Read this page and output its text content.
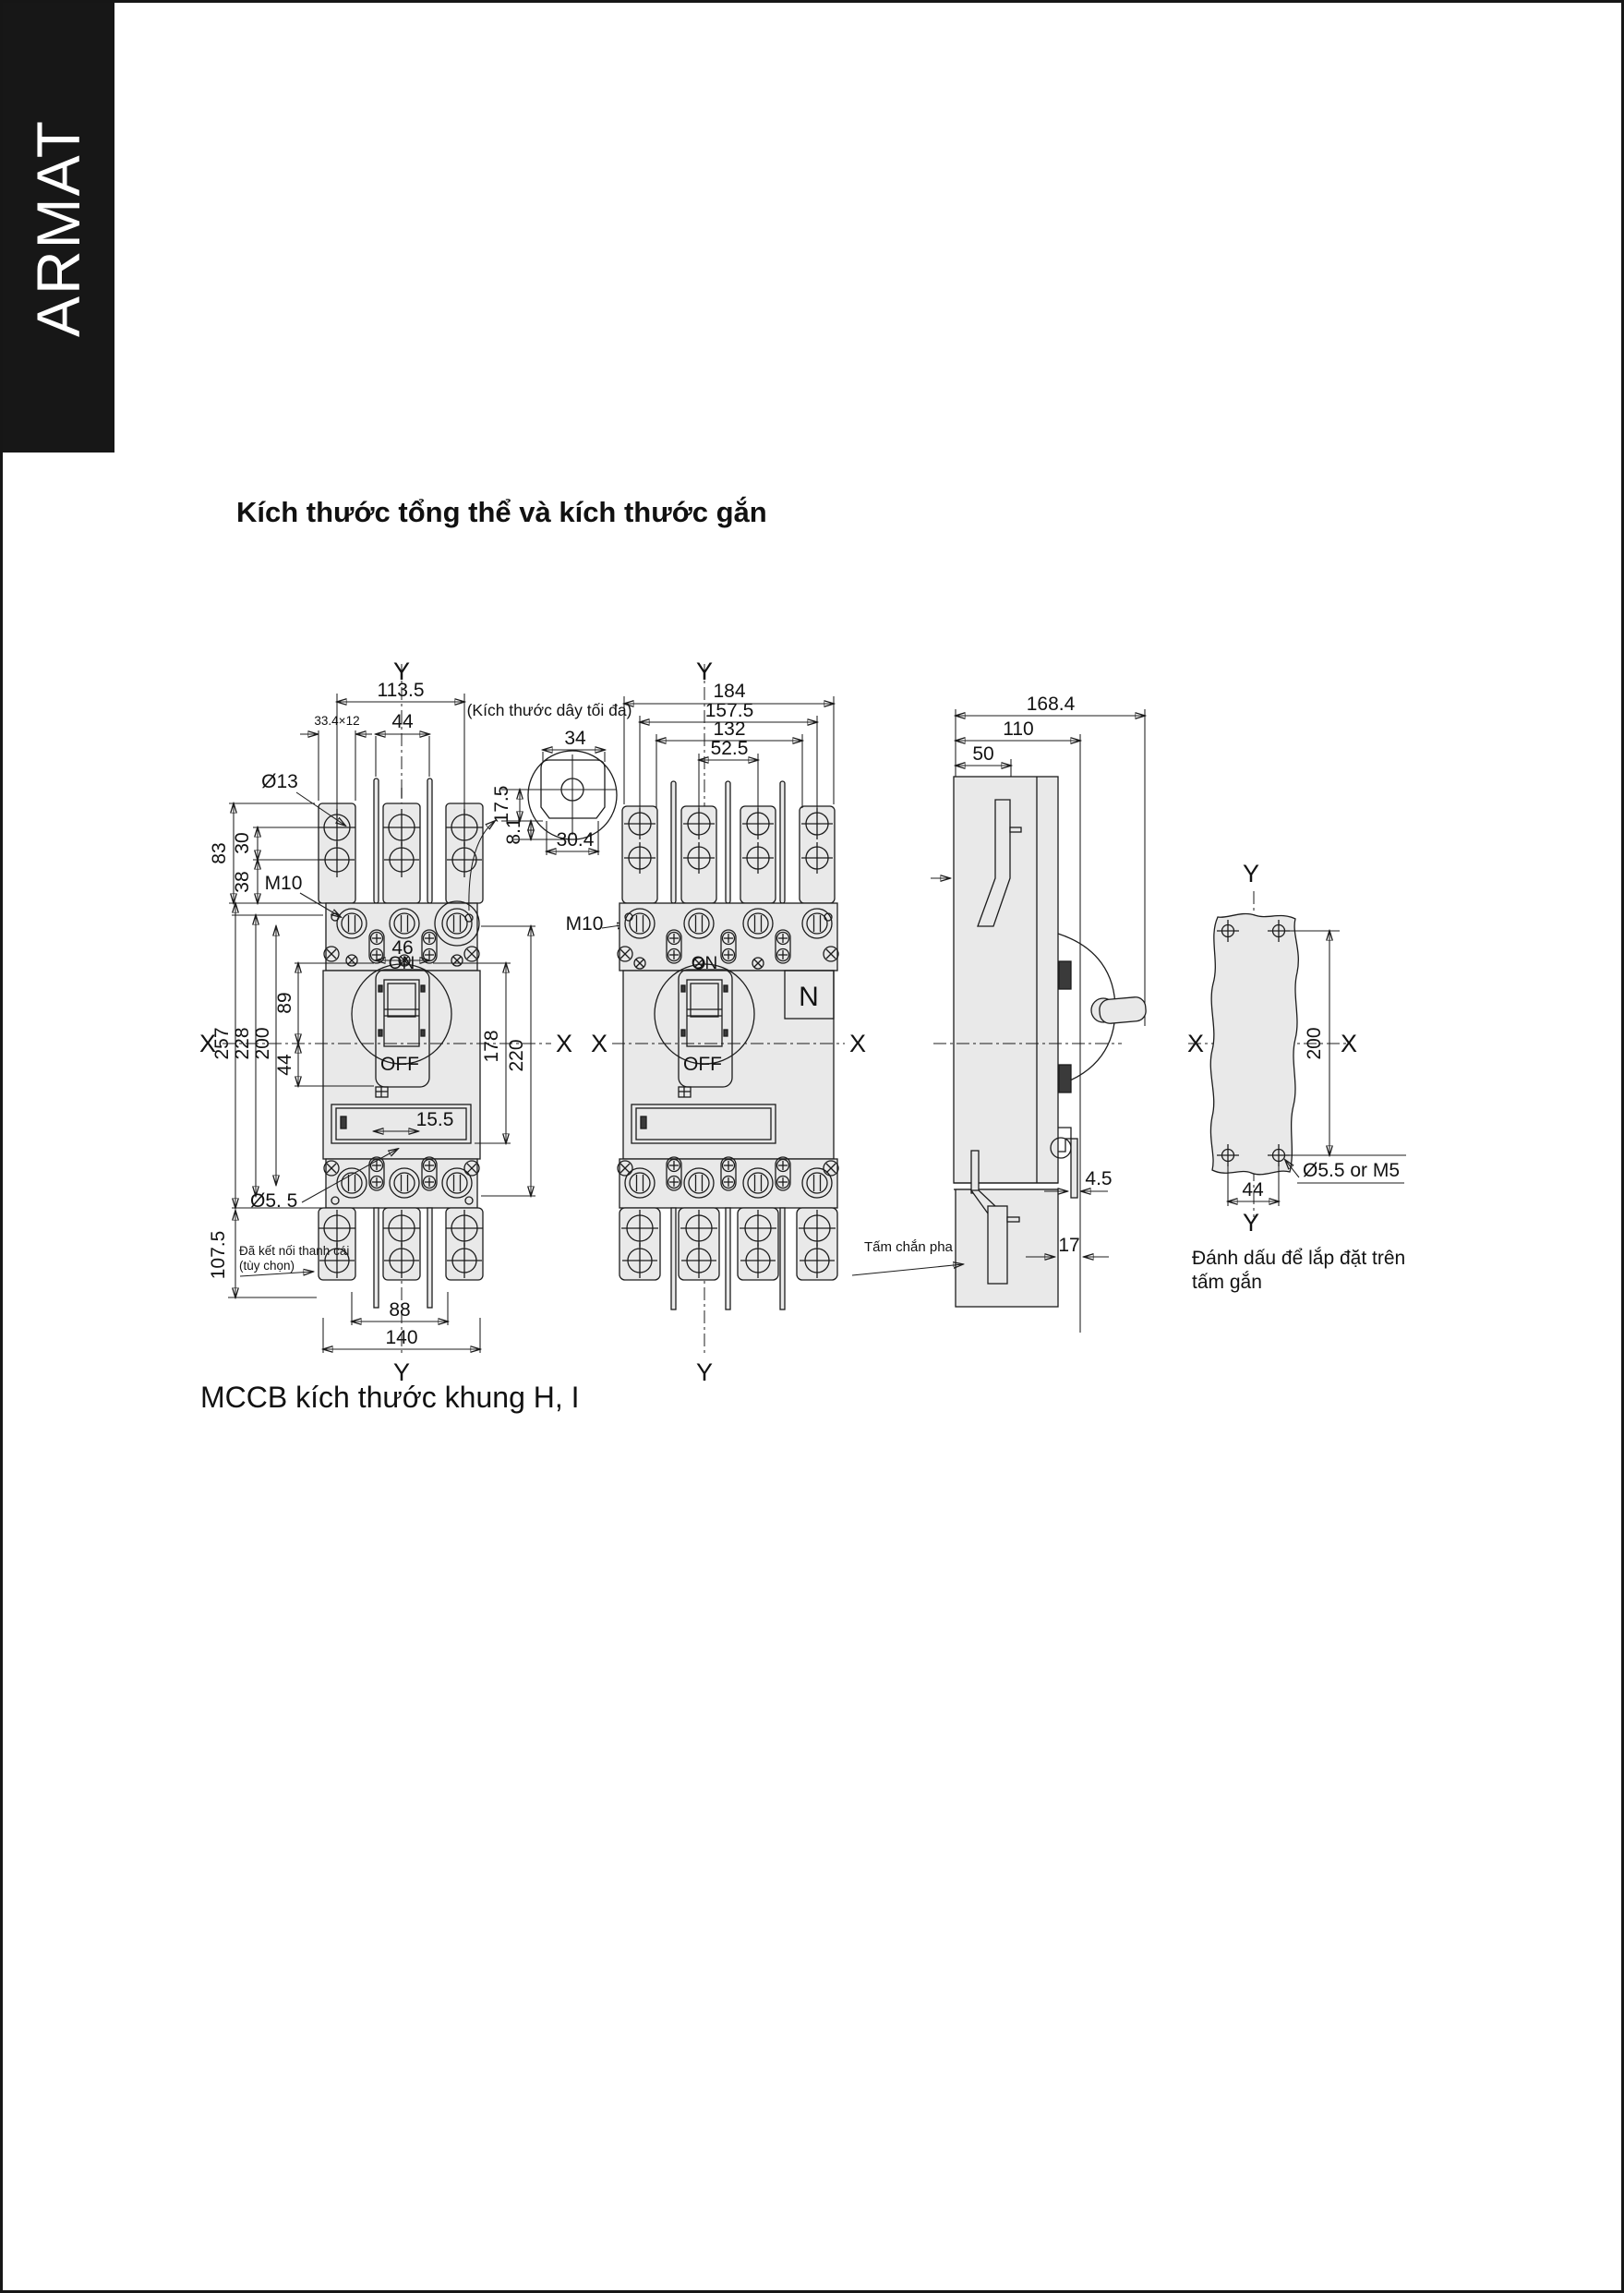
ARMAT
Kích thước tổng thể và kích thước gắn
MCCB kích thước khung H, I
ON
OFF
Y
113.5
44
33.4×12
Ø13
83 30
38 M10
X	X
257 228 200
89
44
46
178 220
15.5
Ø5. 5
107.5 Đã kết nối thanh cái
(tùy chọn)
88
140
Y
(Kích thước dây tối đa)
34
17.5
8.1 30.4
M10
N
ON
OFF
Y
184
157.5
132
52.5
X	X
Y
168.4
110
50
4.5
17
Tấm chắn pha
Y
X	X
200
Ø5.5 or M5
44
Y
Đánh dấu để lắp đặt trên
tấm gắn
